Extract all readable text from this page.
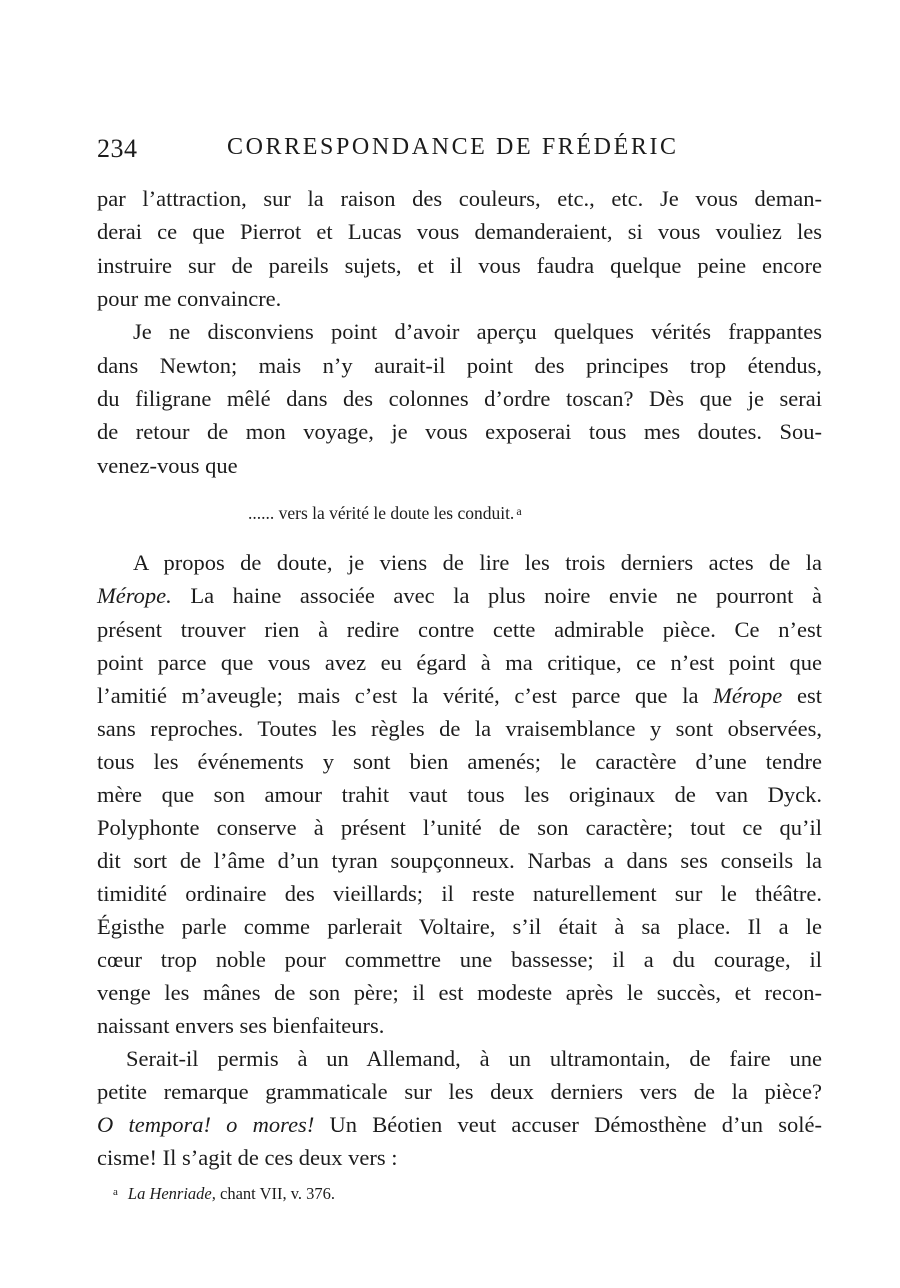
234	CORRESPONDANCE DE FRÉDÉRIC
par l’attraction, sur la raison des couleurs, etc., etc. Je vous deman-
derai ce que Pierrot et Lucas vous demanderaient, si vous vouliez les
instruire sur de pareils sujets, et il vous faudra quelque peine encore
pour me convaincre.
Je ne disconviens point d’avoir aperçu quelques vérités frappantes
dans Newton; mais n’y aurait-il point des principes trop étendus,
du filigrane mêlé dans des colonnes d’ordre toscan? Dès que je serai
de retour de mon voyage, je vous exposerai tous mes doutes. Sou-
venez-vous que
...... vers la vérité le doute les conduit. $^a$
A propos de doute, je viens de lire les trois derniers actes de la
Mérope. La haine associée avec la plus noire envie ne pourront à
présent trouver rien à redire contre cette admirable pièce. Ce n’est
point parce que vous avez eu égard à ma critique, ce n’est point que
l’amitié m’aveugle; mais c’est la vérité, c’est parce que la Mérope est
sans reproches. Toutes les règles de la vraisemblance y sont observées,
tous les événements y sont bien amenés; le caractère d’une tendre
mère que son amour trahit vaut tous les originaux de van Dyck.
Polyphonte conserve à présent l’unité de son caractère; tout ce qu’il
dit sort de l’âme d’un tyran soupçonneux. Narbas a dans ses conseils la
timidité ordinaire des vieillards; il reste naturellement sur le théâtre.
Égisthe parle comme parlerait Voltaire, s’il était à sa place. Il a le
cœur trop noble pour commettre une bassesse; il a du courage, il
venge les mânes de son père; il est modeste après le succès, et recon-
naissant envers ses bienfaiteurs.
Serait-il permis à un Allemand, à un ultramontain, de faire une
petite remarque grammaticale sur les deux derniers vers de la pièce?
O tempora! o mores! Un Béotien veut accuser Démosthène d’un solé-
cisme! Il s’agit de ces deux vers :
$^a$ La Henriade, chant VII, v. 376.
